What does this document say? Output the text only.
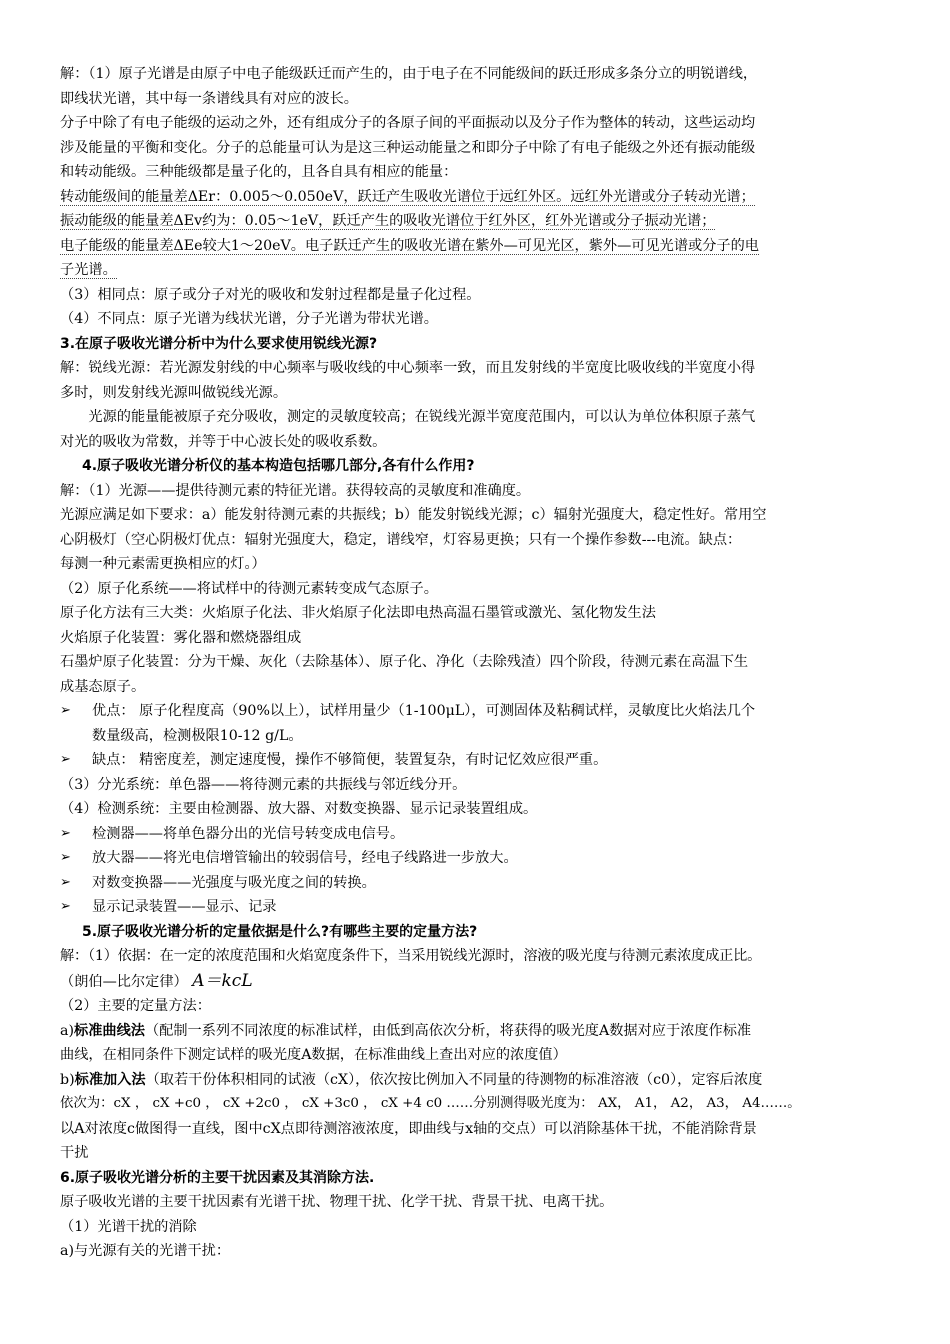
解：（1）原子光谱是由原子中电子能级跃迁而产生的，由于电子在不同能级间的跃迁形成多条分立的明锐谱线，

即线状光谱，其中每一条谱线具有对应的波长。

分子中除了有电子能级的运动之外，还有组成分子的各原子间的平面振动以及分子作为整体的转动，这些运动均

涉及能量的平衡和变化。分子的总能量可认为是这三种运动能量之和即分子中除了有电子能级之外还有振动能级

和转动能级。三种能级都是量子化的，且各自具有相应的能量：

转动能级间的能量差ΔEr：0.005～0.050eV，跃迁产生吸收光谱位于远红外区。远红外光谱或分子转动光谱；

振动能级的能量差ΔEv约为：0.05～1eV，跃迁产生的吸收光谱位于红外区，红外光谱或分子振动光谱；

电子能级的能量差ΔEe较大1～20eV。电子跃迁产生的吸收光谱在紫外—可见光区，紫外—可见光谱或分子的电

子光谱。

（3）相同点：原子或分子对光的吸收和发射过程都是量子化过程。

（4）不同点：原子光谱为线状光谱，分子光谱为带状光谱。

3.在原子吸收光谱分析中为什么要求使用锐线光源?

解：锐线光源：若光源发射线的中心频率与吸收线的中心频率一致，而且发射线的半宽度比吸收线的半宽度小得

多时，则发射线光源叫做锐线光源。

光源的能量能被原子充分吸收，测定的灵敏度较高；在锐线光源半宽度范围内，可以认为单位体积原子蒸气

对光的吸收为常数，并等于中心波长处的吸收系数。

4.原子吸收光谱分析仪的基本构造包括哪几部分,各有什么作用?

解：（1）光源——提供待测元素的特征光谱。获得较高的灵敏度和准确度。

光源应满足如下要求：a）能发射待测元素的共振线；b）能发射锐线光源；c）辐射光强度大，稳定性好。常用空

心阴极灯（空心阴极灯优点：辐射光强度大，稳定，谱线窄，灯容易更换；只有一个操作参数---电流。缺点：

每测一种元素需更换相应的灯。）

（2）原子化系统——将试样中的待测元素转变成气态原子。

原子化方法有三大类：火焰原子化法、非火焰原子化法即电热高温石墨管或激光、氢化物发生法

火焰原子化装置：雾化器和燃烧器组成

石墨炉原子化装置：分为干燥、灰化（去除基体）、原子化、净化（去除残渣）四个阶段，待测元素在高温下生

成基态原子。

➢ 优点： 原子化程度高（90%以上），试样用量少（1-100μL），可测固体及粘稠试样，灵敏度比火焰法几个
数量级高，检测极限10-12 g/L。

➢ 缺点： 精密度差，测定速度慢，操作不够简便，装置复杂，有时记忆效应很严重。

（3）分光系统：单色器——将待测元素的共振线与邻近线分开。

（4）检测系统：主要由检测器、放大器、对数变换器、显示记录装置组成。

➢ 检测器——将单色器分出的光信号转变成电信号。

➢ 放大器——将光电信增管输出的较弱信号，经电子线路进一步放大。

➢ 对数变换器——光强度与吸光度之间的转换。

➢ 显示记录装置——显示、记录

5.原子吸收光谱分析的定量依据是什么?有哪些主要的定量方法?

解：（1）依据：在一定的浓度范围和火焰宽度条件下，当采用锐线光源时，溶液的吸光度与待测元素浓度成正比。

（朗伯—比尔定律） A＝kcL

（2）主要的定量方法：

a)标准曲线法（配制一系列不同浓度的标准试样，由低到高依次分析，将获得的吸光度A数据对应于浓度作标准

曲线，在相同条件下测定试样的吸光度A数据，在标准曲线上查出对应的浓度值）

b)标准加入法（取若干份体积相同的试液（cX），依次按比例加入不同量的待测物的标准溶液（c0），定容后浓度

依次为：cX ， cX +c0 ， cX +2c0 ， cX +3c0 ， cX +4 c0 ……分别测得吸光度为： AX， A1， A2， A3， A4……。

以A对浓度c做图得一直线，图中cX点即待测溶液浓度，即曲线与x轴的交点）可以消除基体干扰，不能消除背景

干扰

6.原子吸收光谱分析的主要干扰因素及其消除方法.

原子吸收光谱的主要干扰因素有光谱干扰、物理干扰、化学干扰、背景干扰、电离干扰。

（1）光谱干扰的消除

a)与光源有关的光谱干扰：
